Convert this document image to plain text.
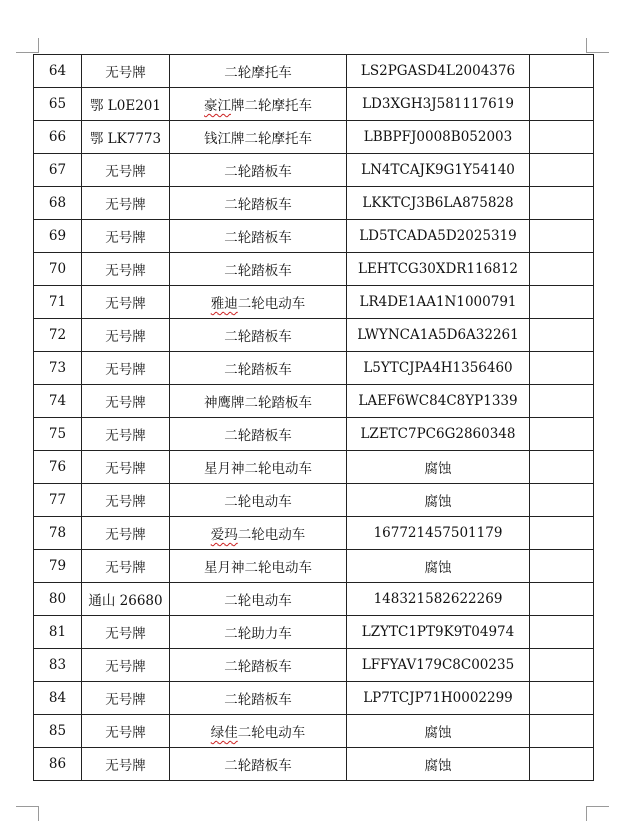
64	无号牌	二轮摩托车	LS2PGASD4L2004376	
65	鄂 L0E201	豪江牌二轮摩托车	LD3XGH3J581117619	
66	鄂 LK7773	钱江牌二轮摩托车	LBBPFJ0008B052003	
67	无号牌	二轮踏板车	LN4TCAJK9G1Y54140	
68	无号牌	二轮踏板车	LKKTCJ3B6LA875828	
69	无号牌	二轮踏板车	LD5TCADA5D2025319	
70	无号牌	二轮踏板车	LEHTCG30XDR116812	
71	无号牌	雅迪二轮电动车	LR4DE1AA1N1000791	
72	无号牌	二轮踏板车	LWYNCA1A5D6A32261	
73	无号牌	二轮踏板车	L5YTCJPA4H1356460	
74	无号牌	神鹰牌二轮踏板车	LAEF6WC84C8YP1339	
75	无号牌	二轮踏板车	LZETC7PC6G2860348	
76	无号牌	星月神二轮电动车	腐蚀	
77	无号牌	二轮电动车	腐蚀	
78	无号牌	爱玛二轮电动车	167721457501179	
79	无号牌	星月神二轮电动车	腐蚀	
80	通山 26680	二轮电动车	148321582622269	
81	无号牌	二轮助力车	LZYTC1PT9K9T04974	
83	无号牌	二轮踏板车	LFFYAV179C8C00235	
84	无号牌	二轮踏板车	LP7TCJP71H0002299	
85	无号牌	绿佳二轮电动车	腐蚀	
86	无号牌	二轮踏板车	腐蚀	
